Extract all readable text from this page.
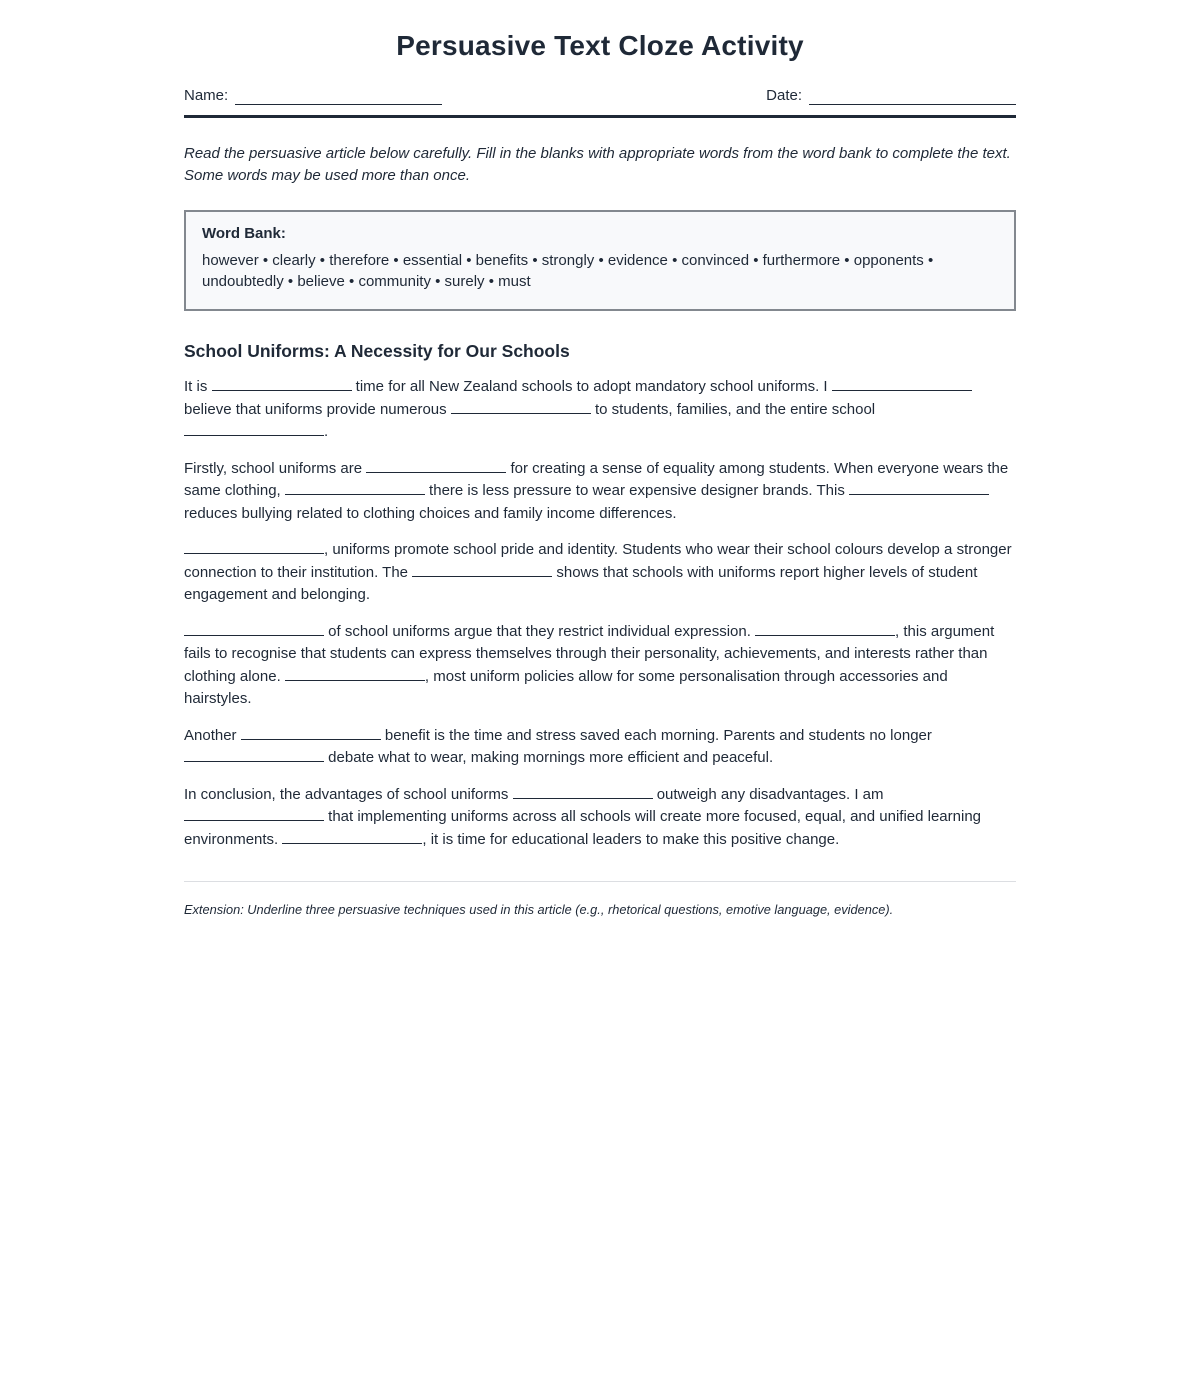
Persuasive Text Cloze Activity
Name:	Date:

Read the persuasive article below carefully. Fill in the blanks with appropriate words from the word bank to complete the text. Some words may be used more than once.

Word Bank:
however • clearly • therefore • essential • benefits • strongly • evidence • convinced • furthermore • opponents • undoubtedly • believe • community • surely • must
School Uniforms: A Necessity for Our Schools

It is	time for all New Zealand schools to adopt mandatory school uniforms. I  believe that uniforms provide numerous	to students, families, and the entire school .

Firstly, school uniforms are	for creating a sense of equality among students. When everyone wears the same clothing,	there is less pressure to wear expensive designer brands. This  reduces bullying related to clothing choices and family income differences.

, uniforms promote school pride and identity. Students who wear their school colours develop a stronger connection to their institution. The	shows that schools with uniforms report higher levels of student engagement and belonging.

of school uniforms argue that they restrict individual expression.	, this argument fails to recognise that students can express themselves through their personality, achievements, and interests rather than clothing alone.	, most uniform policies allow for some personalisation through accessories and hairstyles.

Another	benefit is the time and stress saved each morning. Parents and students no longer  debate what to wear, making mornings more efficient and peaceful.

In conclusion, the advantages of school uniforms	outweigh any disadvantages. I am  that implementing uniforms across all schools will create more focused, equal, and unified learning environments.	, it is time for educational leaders to make this positive change.

Extension: Underline three persuasive techniques used in this article (e.g., rhetorical questions, emotive language, evidence).
